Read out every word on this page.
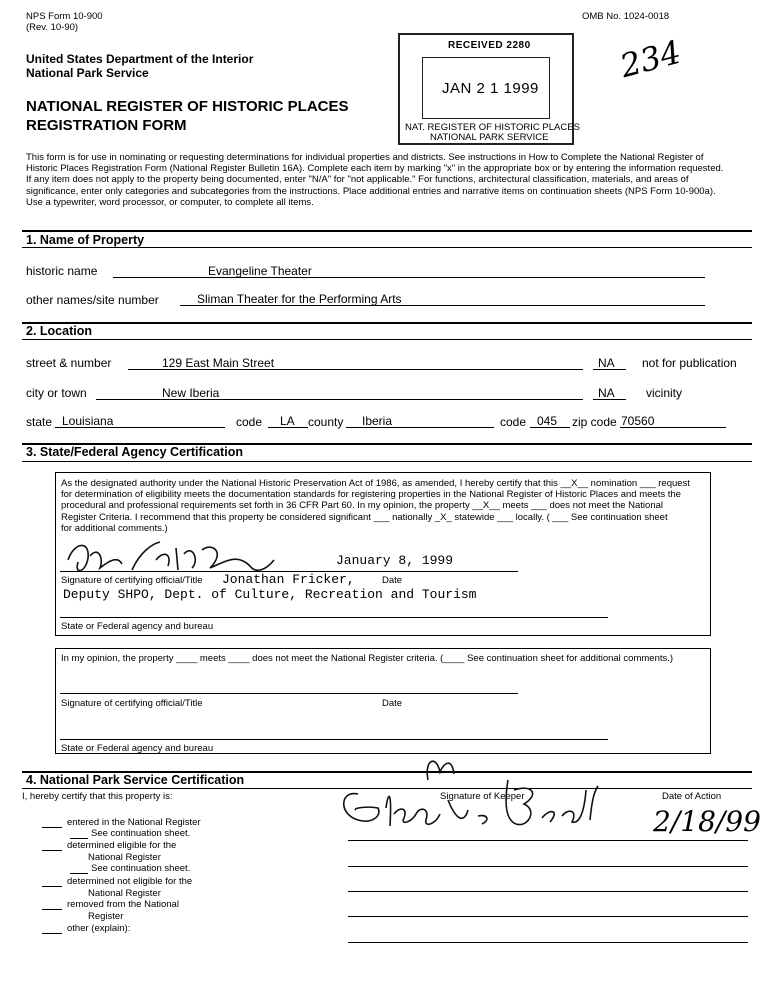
NPS Form 10-900
(Rev. 10-90)
OMB No. 1024-0018
United States Department of the Interior
National Park Service
NATIONAL REGISTER OF HISTORIC PLACES
REGISTRATION FORM
RECEIVED 2280
JAN 2 1 1999
NAT. REGISTER OF HISTORIC PLACES
NATIONAL PARK SERVICE
234

This form is for use in nominating or requesting determinations for individual properties and districts. See instructions in How to Complete the National Register of

Historic Places Registration Form (National Register Bulletin 16A). Complete each item by marking "x" in the appropriate box or by entering the information requested.

If any item does not apply to the property being documented, enter "N/A" for "not applicable." For functions, architectural classification, materials, and areas of

significance, enter only categories and subcategories from the instructions. Place additional entries and narrative items on continuation sheets (NPS Form 10-900a).

Use a typewriter, word processor, or computer, to complete all items.

1. Name of Property
historic name	Evangeline Theater
other names/site number	Sliman Theater for the Performing Arts
2. Location
street & number	129 East Main Street	NA not for publication
city or town	New Iberia	NA	vicinity
state Louisiana	code LA county Iberia	code 045 zip code 70560
3. State/Federal Agency Certification

As the designated authority under the National Historic Preservation Act of 1986, as amended, I hereby certify that this __X__ nomination ___ request

for determination of eligibility meets the documentation standards for registering properties in the National Register of Historic Places and meets the

procedural and professional requirements set forth in 36 CFR Part 60. In my opinion, the property __X__ meets ___ does not meet the National

Register Criteria. I recommend that this property be considered significant ___ nationally _X_ statewide ___ locally. ( ___ See continuation sheet

for additional comments.)

January 8, 1999
Signature of certifying official/Title Jonathan Fricker,	Date
Deputy SHPO, Dept. of Culture, Recreation and Tourism
State or Federal agency and bureau
In my opinion, the property ____ meets ____ does not meet the National Register criteria. (____ See continuation sheet for additional comments.)
Signature of certifying official/Title	Date
State or Federal agency and bureau
4. National Park Service Certification
I, hereby certify that this property is:	Signature of Keeper	Date of Action
2/18/99
entered in the National Register
See continuation sheet.
determined eligible for the
National Register
See continuation sheet.
determined not eligible for the
National Register
removed from the National
Register
other (explain):
